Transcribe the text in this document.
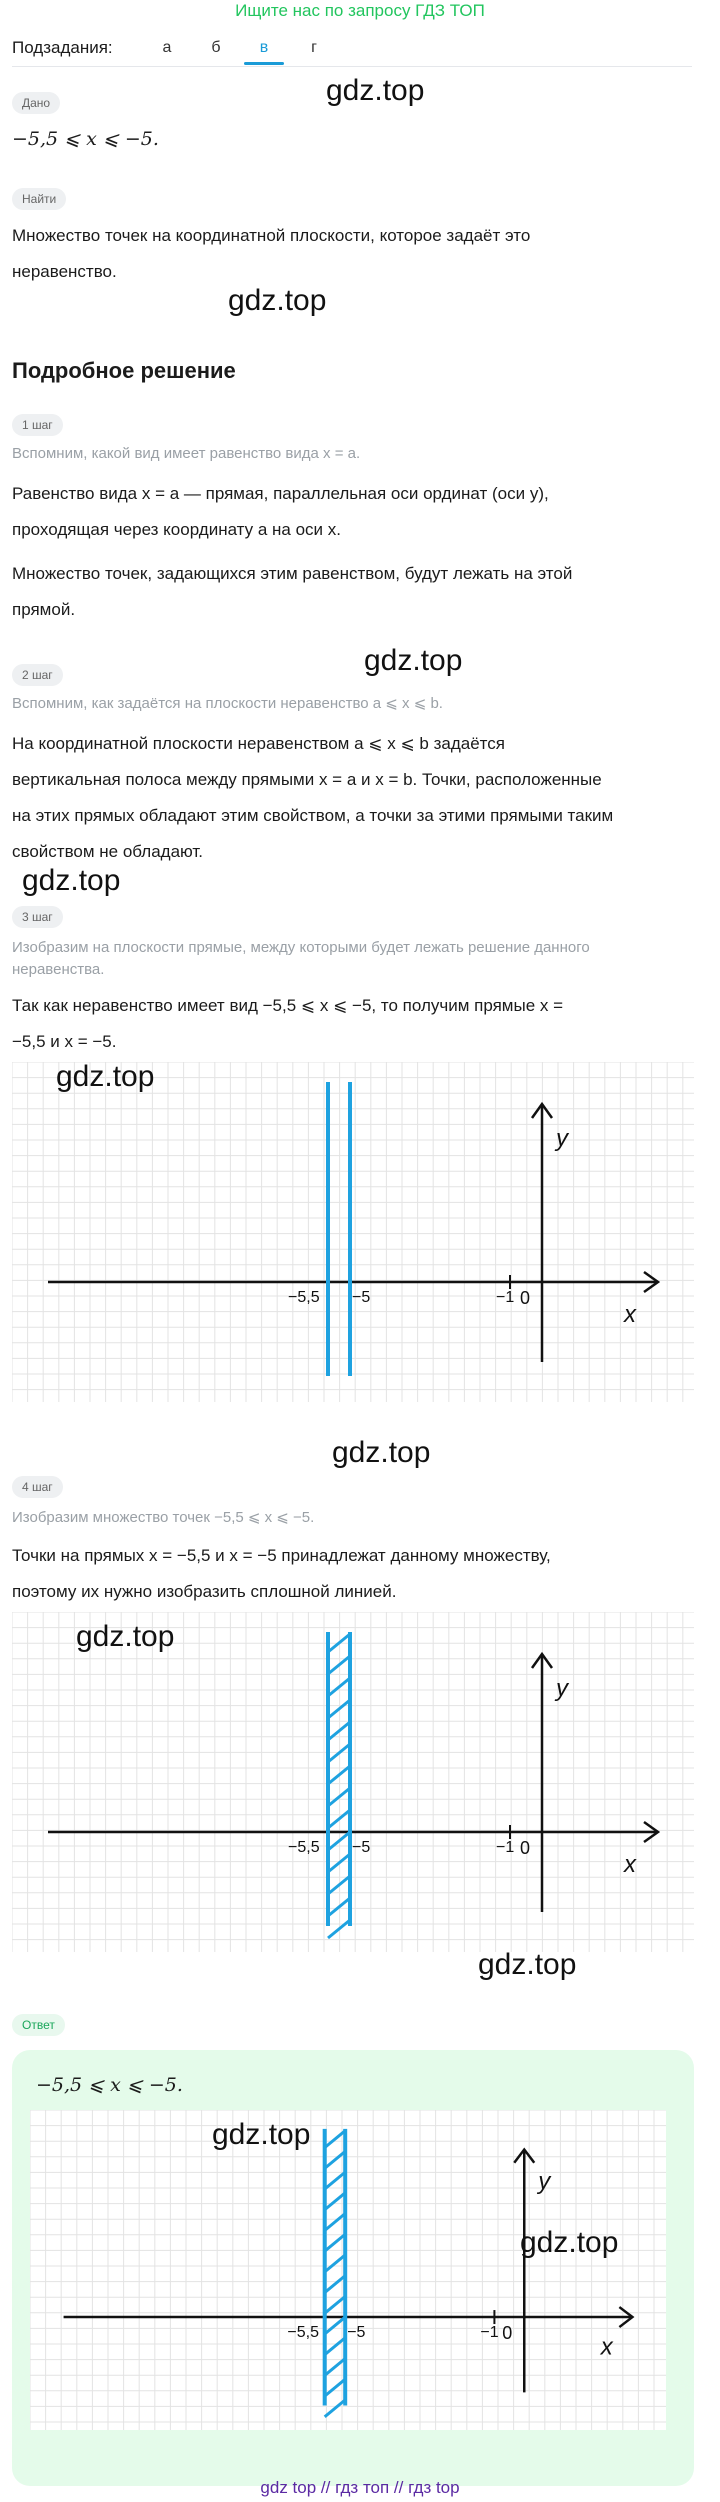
Ищите нас по запросу ГДЗ ТОП
Подзадания:	а	б	в	г
Дано	gdz.top
−5,5 ⩽ x ⩽ −5.
Найти
Множество точек на координатной плоскости, которое задаёт это
неравенство.
gdz.top
Подробное решение
1 шаг
Вспомним, какой вид имеет равенство вида x = a.
Равенство вида x = a — прямая, параллельная оси ординат (оси y),
проходящая через координату a на оси x.
Множество точек, задающихся этим равенством, будут лежать на этой
прямой.
gdz.top
2 шаг
Вспомним, как задаётся на плоскости неравенство a ⩽ x ⩽ b.
На координатной плоскости неравенством a ⩽ x ⩽ b задаётся
вертикальная полоса между прямыми x = a и x = b. Точки, расположенные
на этих прямых обладают этим свойством, а точки за этими прямыми таким
свойством не обладают.
gdz.top
3 шаг
Изобразим на плоскости прямые, между которыми будет лежать решение данного
неравенства.
Так как неравенство имеет вид −5,5 ⩽ x ⩽ −5, то получим прямые x =
−5,5 и x = −5.
−5,5 −5	−1 0
x
y
gdz.top
gdz.top
4 шаг
Изобразим множество точек −5,5 ⩽ x ⩽ −5.
Точки на прямых x = −5,5 и x = −5 принадлежат данному множеству,
поэтому их нужно изобразить сплошной линией.
−5,5 −5	−1 0
x
y
gdz.top
gdz.top
Ответ
−5,5 ⩽ x ⩽ −5.
−5,5 −5	−1 0
x
y
gdz.top
gdz.top
gdz top // гдз топ // гдз top
